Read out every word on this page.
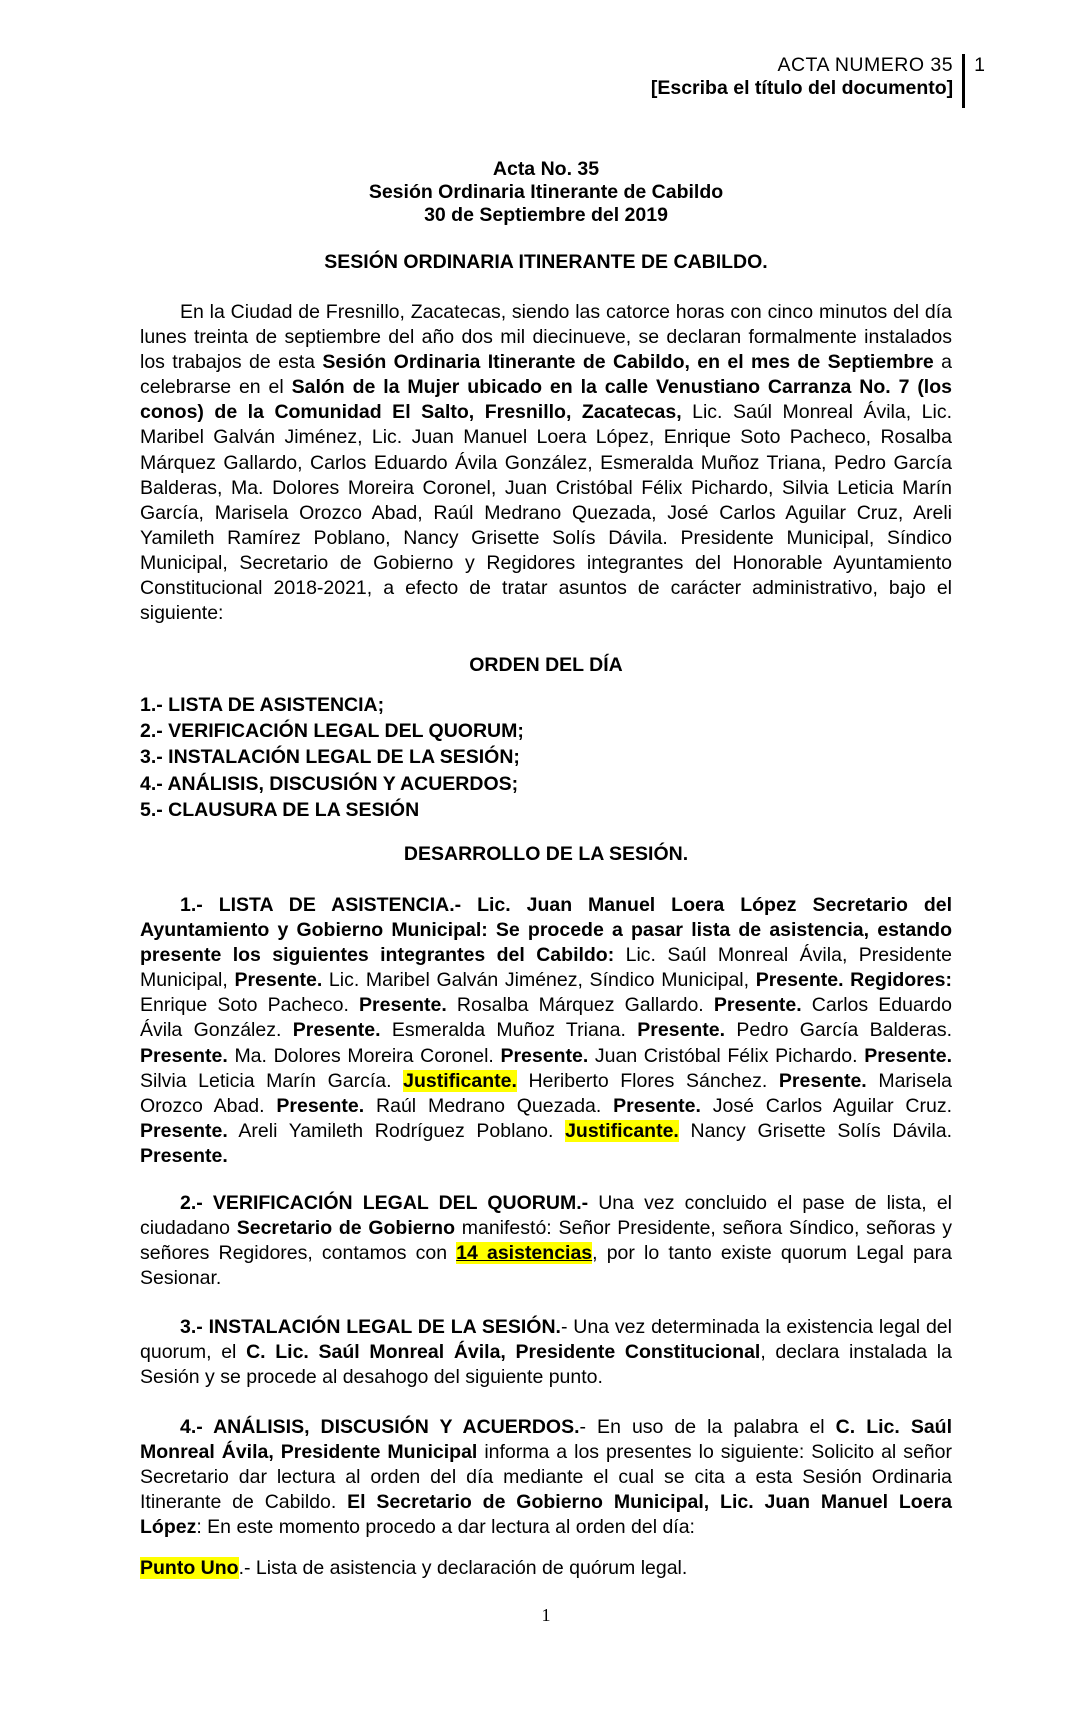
ACTA NUMERO 35
[Escriba el título del documento]
1
Acta No. 35
Sesión Ordinaria Itinerante de Cabildo
30 de Septiembre del 2019
SESIÓN ORDINARIA ITINERANTE DE CABILDO.

En la Ciudad de Fresnillo, Zacatecas, siendo las catorce horas con cinco minutos del día lunes treinta de septiembre del año dos mil diecinueve, se declaran formalmente instalados los trabajos de esta Sesión Ordinaria Itinerante de Cabildo, en el mes de Septiembre a celebrarse en el Salón de la Mujer ubicado en la calle Venustiano Carranza No. 7 (los conos) de la Comunidad El Salto, Fresnillo, Zacatecas, Lic. Saúl Monreal Ávila, Lic. Maribel Galván Jiménez, Lic. Juan Manuel Loera López, Enrique Soto Pacheco, Rosalba Márquez Gallardo, Carlos Eduardo Ávila González, Esmeralda Muñoz Triana, Pedro García Balderas, Ma. Dolores Moreira Coronel, Juan Cristóbal Félix Pichardo, Silvia Leticia Marín García, Marisela Orozco Abad, Raúl Medrano Quezada, José Carlos Aguilar Cruz, Areli Yamileth Ramírez Poblano, Nancy Grisette Solís Dávila. Presidente Municipal, Síndico Municipal, Secretario de Gobierno y Regidores integrantes del Honorable Ayuntamiento Constitucional 2018-2021, a efecto de tratar asuntos de carácter administrativo, bajo el siguiente:

ORDEN DEL DÍA
1.- LISTA DE ASISTENCIA;
2.- VERIFICACIÓN LEGAL DEL QUORUM;
3.- INSTALACIÓN LEGAL DE LA SESIÓN;
4.- ANÁLISIS, DISCUSIÓN Y ACUERDOS;
5.- CLAUSURA DE LA SESIÓN
DESARROLLO DE LA SESIÓN.

1.- LISTA DE ASISTENCIA.- Lic. Juan Manuel Loera López Secretario del Ayuntamiento y Gobierno Municipal: Se procede a pasar lista de asistencia, estando presente los siguientes integrantes del Cabildo: Lic. Saúl Monreal Ávila, Presidente Municipal, Presente. Lic. Maribel Galván Jiménez, Síndico Municipal, Presente. Regidores: Enrique Soto Pacheco. Presente. Rosalba Márquez Gallardo. Presente. Carlos Eduardo Ávila González. Presente. Esmeralda Muñoz Triana. Presente. Pedro García Balderas. Presente. Ma. Dolores Moreira Coronel. Presente. Juan Cristóbal Félix Pichardo. Presente. Silvia Leticia Marín García. Justificante. Heriberto Flores Sánchez. Presente. Marisela Orozco Abad. Presente. Raúl Medrano Quezada. Presente. José Carlos Aguilar Cruz. Presente. Areli Yamileth Rodríguez Poblano. Justificante. Nancy Grisette Solís Dávila. Presente.

2.- VERIFICACIÓN LEGAL DEL QUORUM.- Una vez concluido el pase de lista, el ciudadano Secretario de Gobierno manifestó: Señor Presidente, señora Síndico, señoras y señores Regidores, contamos con 14 asistencias, por lo tanto existe quorum Legal para Sesionar.

3.- INSTALACIÓN LEGAL DE LA SESIÓN.- Una vez determinada la existencia legal del quorum, el C. Lic. Saúl Monreal Ávila, Presidente Constitucional, declara instalada la Sesión y se procede al desahogo del siguiente punto.

4.- ANÁLISIS, DISCUSIÓN Y ACUERDOS.- En uso de la palabra el C. Lic. Saúl Monreal Ávila, Presidente Municipal informa a los presentes lo siguiente: Solicito al señor Secretario dar lectura al orden del día mediante el cual se cita a esta Sesión Ordinaria Itinerante de Cabildo. El Secretario de Gobierno Municipal, Lic. Juan Manuel Loera López: En este momento procedo a dar lectura al orden del día:

Punto Uno.- Lista de asistencia y declaración de quórum legal.

1
